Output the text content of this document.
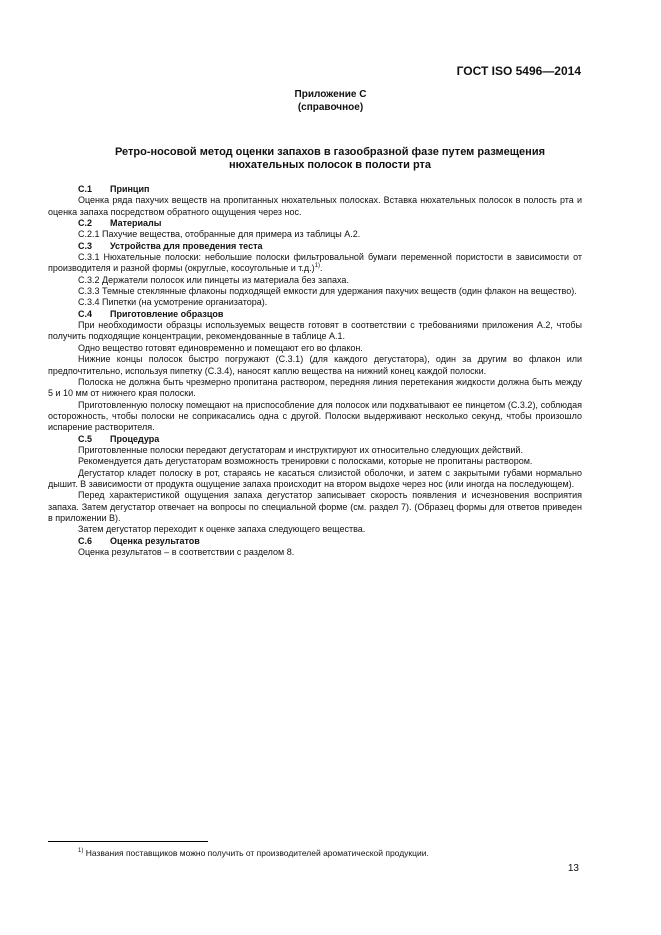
ГОСТ ISO 5496—2014
Приложение С
(справочное)
Ретро-носовой метод оценки запахов в газообразной фазе путем размещения
нюхательных полосок в полости рта
С.1 Принцип

Оценка ряда пахучих веществ на пропитанных нюхательных полосках. Вставка нюхательных полосок в полость рта и оценка запаха посредством обратного ощущения через нос.

С.2 Материалы

С.2.1 Пахучие вещества, отобранные для примера из таблицы А.2.

С.3 Устройства для проведения теста

С.3.1 Нюхательные полоски: небольшие полоски фильтровальной бумаги переменной пористости в зависимости от производителя и разной формы (округлые, косоугольные и т.д.)$^{1)}$.

С.3.2 Держатели полосок или пинцеты из материала без запаха.

С.3.3 Темные стеклянные флаконы подходящей емкости для удержания пахучих веществ (один флакон на вещество).

С.3.4 Пипетки (на усмотрение организатора).

С.4 Приготовление образцов

При необходимости образцы используемых веществ готовят в соответствии с требованиями приложения А.2, чтобы получить подходящие концентрации, рекомендованные в таблице А.1.

Одно вещество готовят единовременно и помещают его во флакон.

Нижние концы полосок быстро погружают (С.3.1) (для каждого дегустатора), один за другим во флакон или предпочтительно, используя пипетку (С.3.4), наносят каплю вещества на нижний конец каждой полоски.

Полоска не должна быть чрезмерно пропитана раствором, передняя линия перетекания жидкости должна быть между 5 и 10 мм от нижнего края полоски.

Приготовленную полоску помещают на приспособление для полосок или подхватывают ее пинцетом (С.3.2), соблюдая осторожность, чтобы полоски не соприкасались одна с другой. Полоски выдерживают несколько секунд, чтобы произошло испарение растворителя.

С.5 Процедура

Приготовленные полоски передают дегустаторам и инструктируют их относительно следующих действий.

Рекомендуется дать дегустаторам возможность тренировки с полосками, которые не пропитаны раствором.

Дегустатор кладет полоску в рот, стараясь не касаться слизистой оболочки, и затем с закрытыми губами нормально дышит. В зависимости от продукта ощущение запаха происходит на втором выдохе через нос (или иногда на последующем).

Перед характеристикой ощущения запаха дегустатор записывает скорость появления и исчезновения восприятия запаха. Затем дегустатор отвечает на вопросы по специальной форме (см. раздел 7). (Образец формы для ответов приведен в приложении В).

Затем дегустатор переходит к оценке запаха следующего вещества.

С.6 Оценка результатов

Оценка результатов – в соответствии с разделом 8.

$^{1)}$ Названия поставщиков можно получить от производителей ароматической продукции.
13
